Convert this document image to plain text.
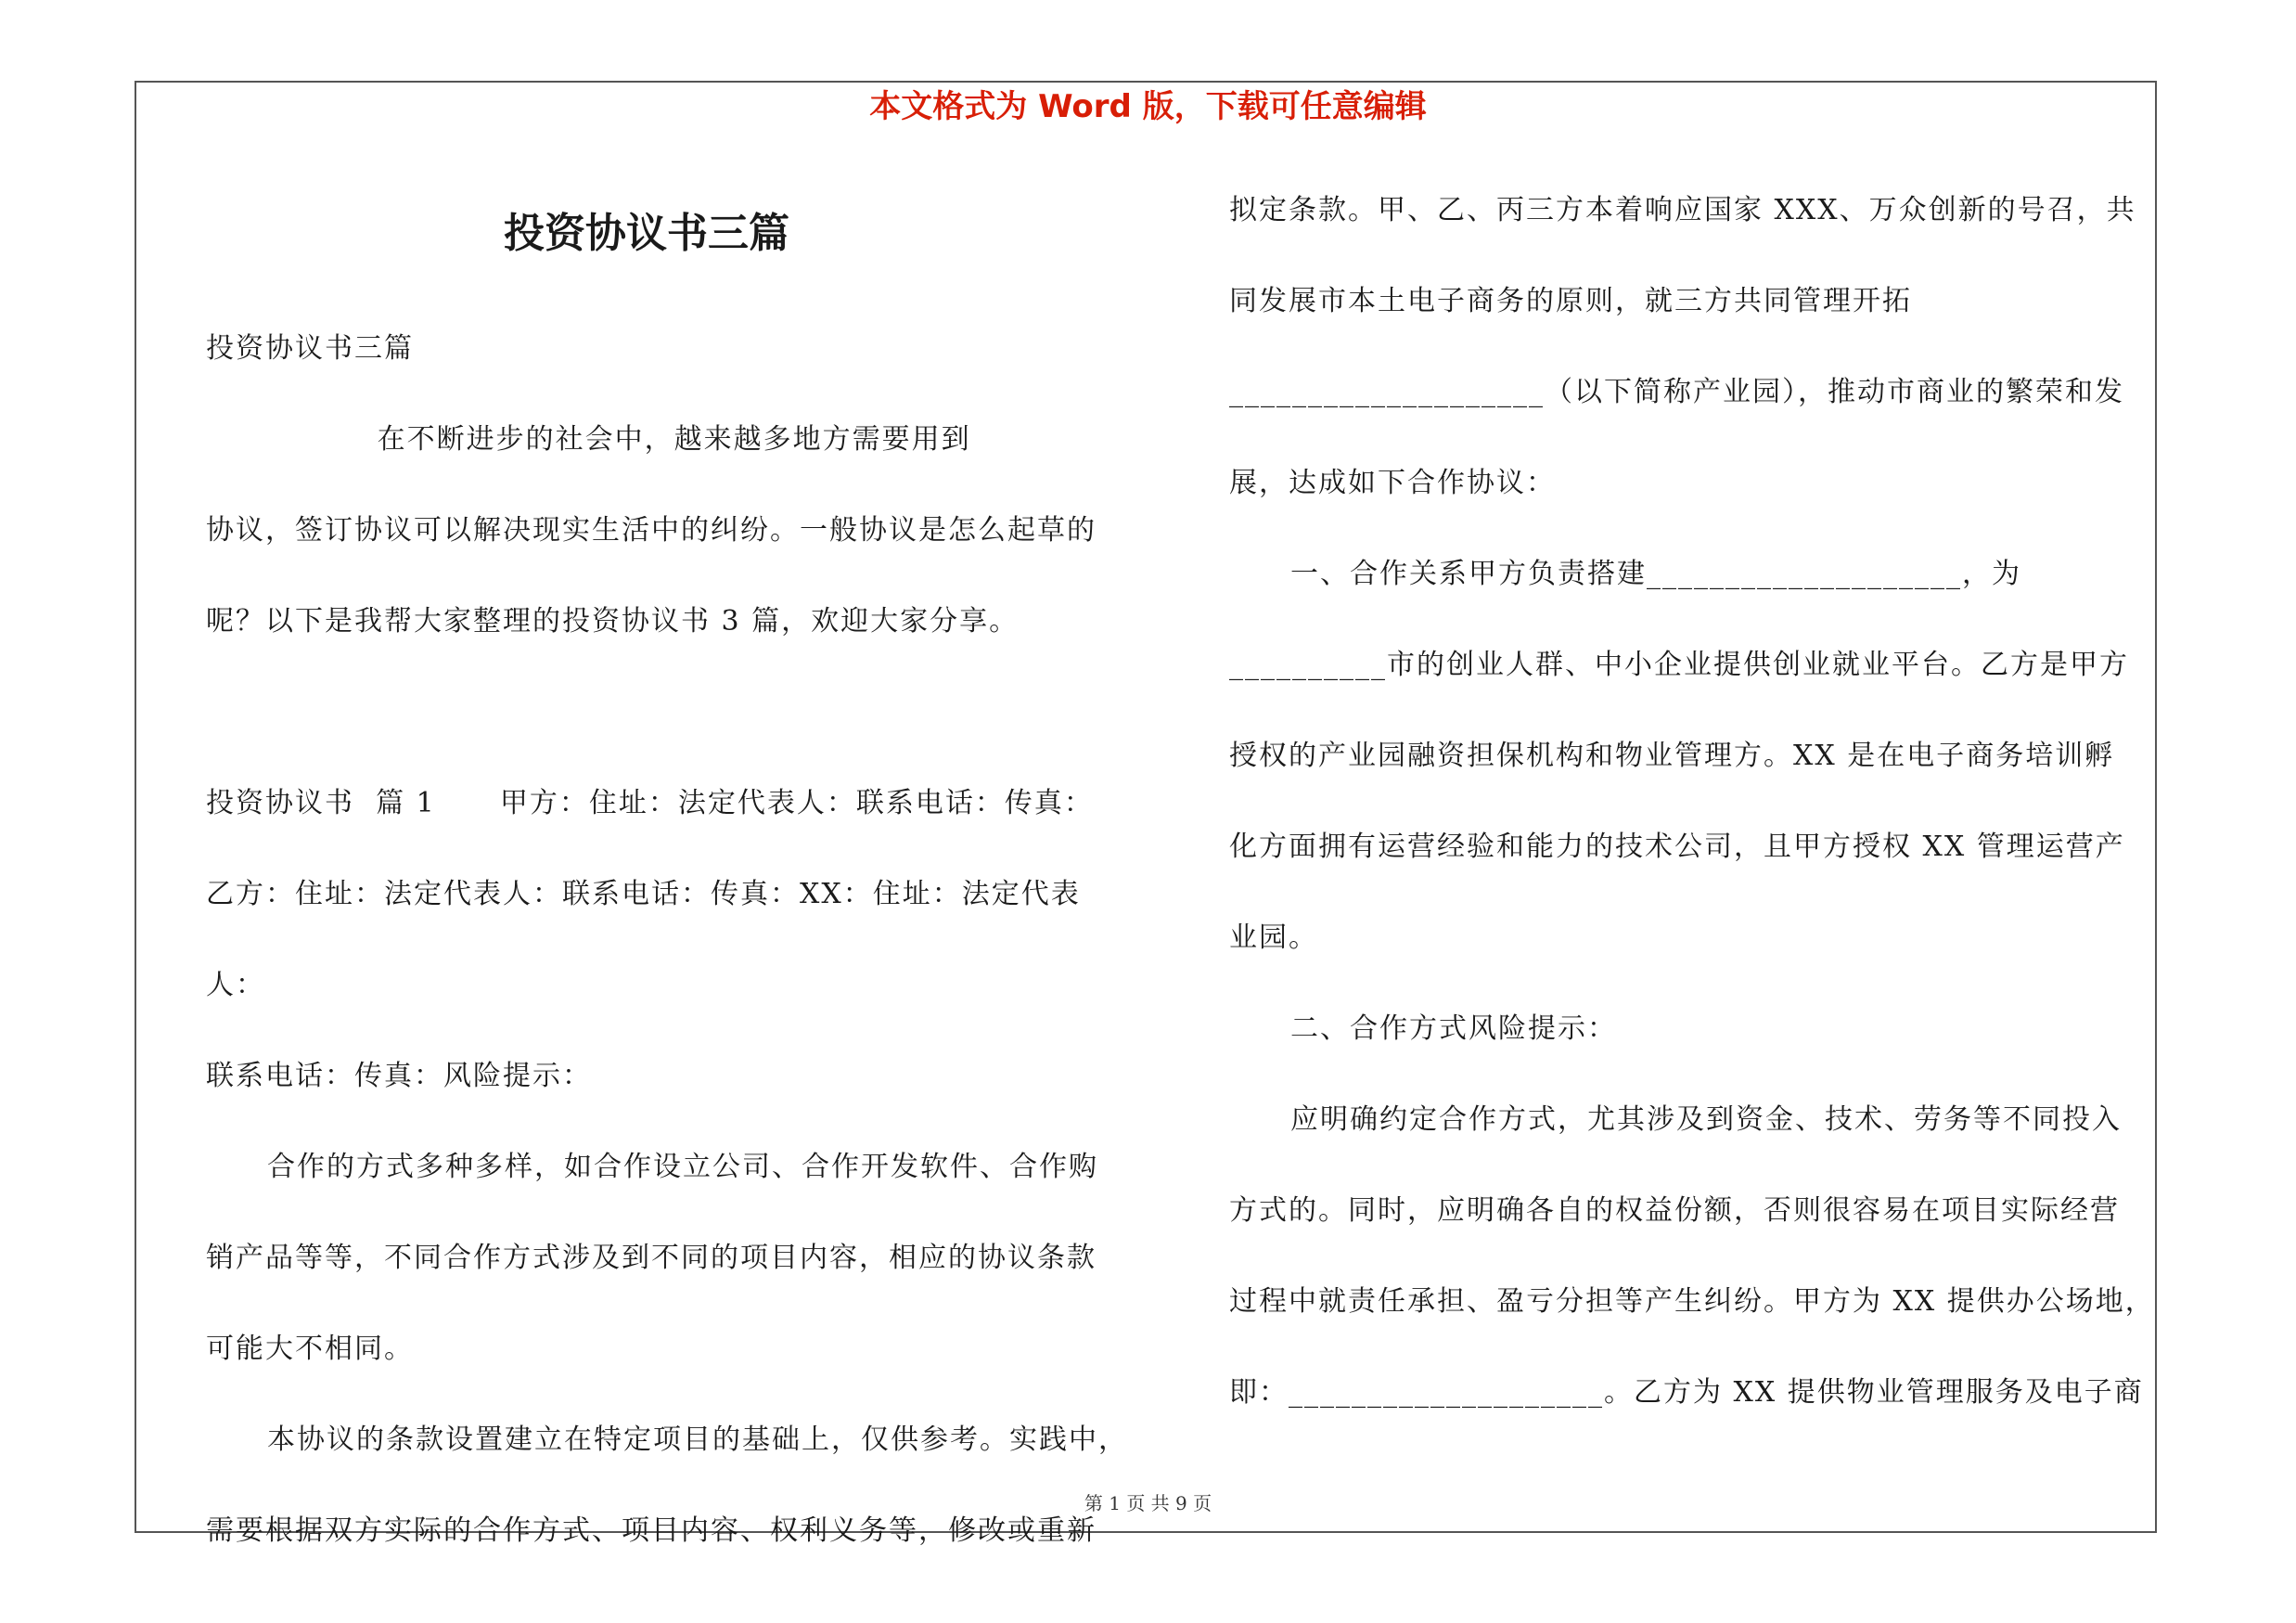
本文格式为 Word 版，下载可任意编辑
投资协议书三篇

投资协议书三篇

在不断进步的社会中，越来越多地方需要用到

协议，签订协议可以解决现实生活中的纠纷。一般协议是怎么起草的

呢？以下是我帮大家整理的投资协议书 3 篇，欢迎大家分享。

投资协议书  篇 1      甲方：住址：法定代表人：联系电话：传真：

乙方：住址：法定代表人：联系电话：传真：XX：住址：法定代表人：

联系电话：传真：风险提示：

合作的方式多种多样，如合作设立公司、合作开发软件、合作购

销产品等等，不同合作方式涉及到不同的项目内容，相应的协议条款

可能大不相同。

本协议的条款设置建立在特定项目的基础上，仅供参考。实践中，

需要根据双方实际的合作方式、项目内容、权利义务等，修改或重新

拟定条款。甲、乙、丙三方本着响应国家 XXX、万众创新的号召，共

同发展市本土电子商务的原则，就三方共同管理开拓

____________________（以下简称产业园），推动市商业的繁荣和发

展，达成如下合作协议：

一、合作关系甲方负责搭建____________________，为

__________市的创业人群、中小企业提供创业就业平台。乙方是甲方

授权的产业园融资担保机构和物业管理方。XX 是在电子商务培训孵

化方面拥有运营经验和能力的技术公司，且甲方授权 XX 管理运营产

业园。

二、合作方式风险提示：

应明确约定合作方式，尤其涉及到资金、技术、劳务等不同投入

方式的。同时，应明确各自的权益份额，否则很容易在项目实际经营

过程中就责任承担、盈亏分担等产生纠纷。甲方为 XX 提供办公场地，

即：____________________。乙方为 XX 提供物业管理服务及电子商

第 1 页 共 9 页
